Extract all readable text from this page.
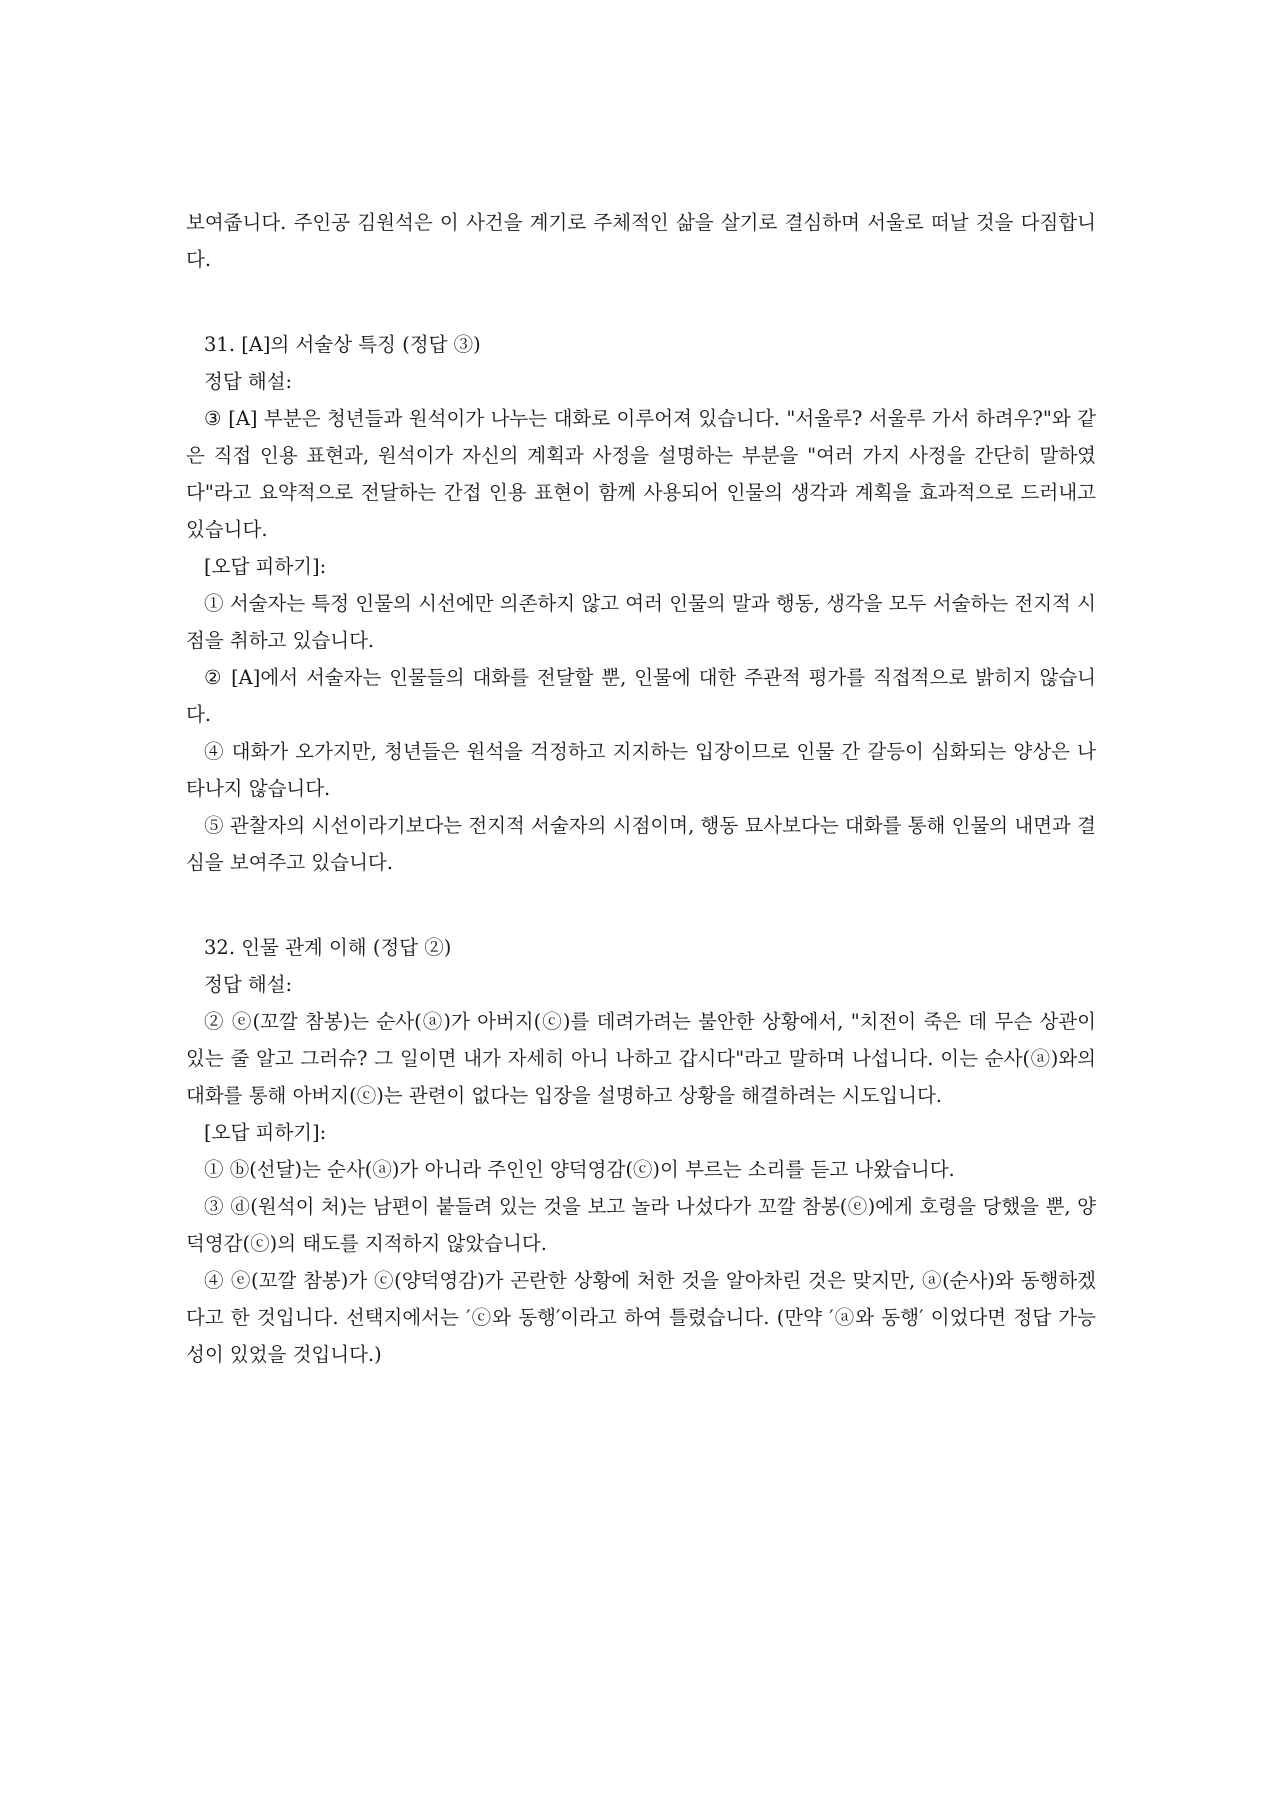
보여줍니다. 주인공 김원석은 이 사건을 계기로 주체적인 삶을 살기로 결심하며 서울로 떠날 것을 다짐합니다.

31. [A]의 서술상 특징 (정답 ③)

정답 해설:

③ [A] 부분은 청년들과 원석이가 나누는 대화로 이루어져 있습니다. "서울루? 서울루 가서 하려우?"와 같은 직접 인용 표현과, 원석이가 자신의 계획과 사정을 설명하는 부분을 "여러 가지 사정을 간단히 말하였다"라고 요약적으로 전달하는 간접 인용 표현이 함께 사용되어 인물의 생각과 계획을 효과적으로 드러내고 있습니다.

[오답 피하기]:

① 서술자는 특정 인물의 시선에만 의존하지 않고 여러 인물의 말과 행동, 생각을 모두 서술하는 전지적 시점을 취하고 있습니다.

② [A]에서 서술자는 인물들의 대화를 전달할 뿐, 인물에 대한 주관적 평가를 직접적으로 밝히지 않습니다.

④ 대화가 오가지만, 청년들은 원석을 걱정하고 지지하는 입장이므로 인물 간 갈등이 심화되는 양상은 나타나지 않습니다.

⑤ 관찰자의 시선이라기보다는 전지적 서술자의 시점이며, 행동 묘사보다는 대화를 통해 인물의 내면과 결심을 보여주고 있습니다.

32. 인물 관계 이해 (정답 ②)

정답 해설:

② ⓔ(꼬깔 참봉)는 순사(ⓐ)가 아버지(ⓒ)를 데려가려는 불안한 상황에서, "치전이 죽은 데 무슨 상관이 있는 줄 알고 그러슈? 그 일이면 내가 자세히 아니 나하고 갑시다"라고 말하며 나섭니다. 이는 순사(ⓐ)와의 대화를 통해 아버지(ⓒ)는 관련이 없다는 입장을 설명하고 상황을 해결하려는 시도입니다.

[오답 피하기]:

① ⓑ(선달)는 순사(ⓐ)가 아니라 주인인 양덕영감(ⓒ)이 부르는 소리를 듣고 나왔습니다.

③ ⓓ(원석이 처)는 남편이 붙들려 있는 것을 보고 놀라 나섰다가 꼬깔 참봉(ⓔ)에게 호령을 당했을 뿐, 양덕영감(ⓒ)의 태도를 지적하지 않았습니다.

④ ⓔ(꼬깔 참봉)가 ⓒ(양덕영감)가 곤란한 상황에 처한 것을 알아차린 것은 맞지만, ⓐ(순사)와 동행하겠다고 한 것입니다. 선택지에서는 ′ⓒ와 동행′이라고 하여 틀렸습니다. (만약 ′ⓐ와 동행′ 이었다면 정답 가능성이 있었을 것입니다.)
